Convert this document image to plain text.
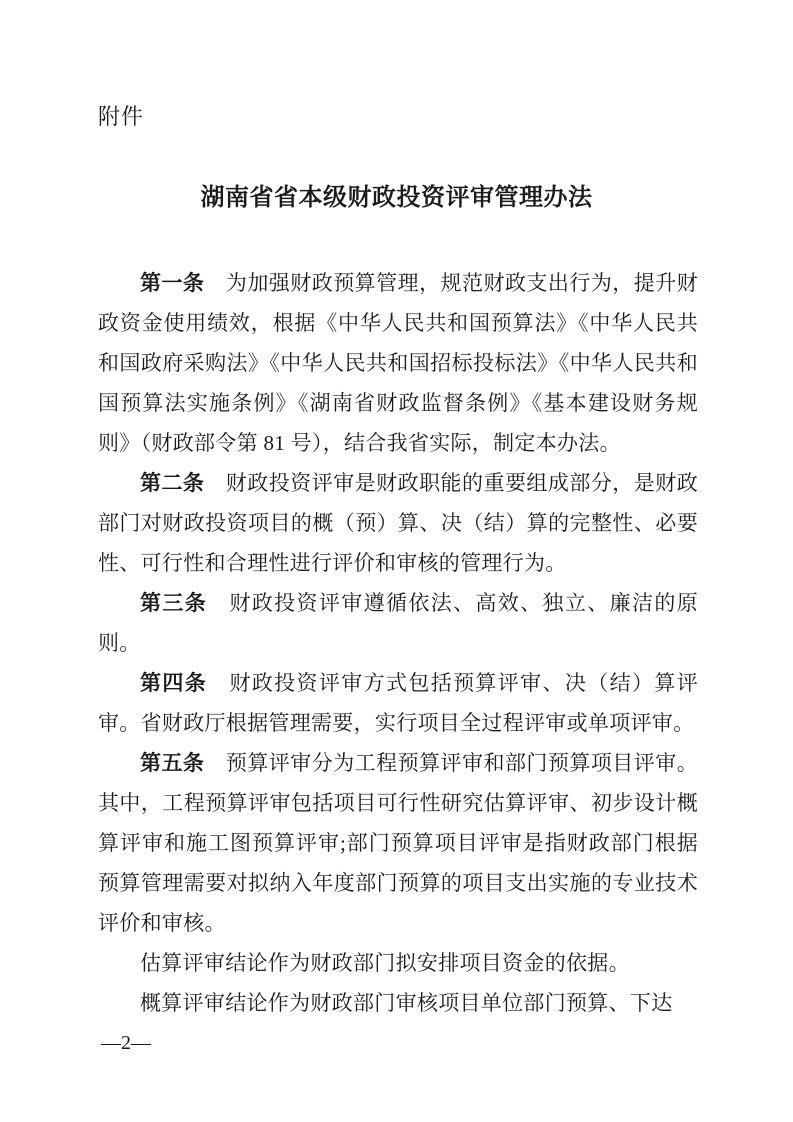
附件
湖南省省本级财政投资评审管理办法

第一条　为加强财政预算管理，规范财政支出行为，提升财政资金使用绩效，根据《中华人民共和国预算法》《中华人民共和国政府采购法》《中华人民共和国招标投标法》《中华人民共和国预算法实施条例》《湖南省财政监督条例》《基本建设财务规则》（财政部令第 81 号），结合我省实际，制定本办法。

第二条　财政投资评审是财政职能的重要组成部分，是财政部门对财政投资项目的概（预）算、决（结）算的完整性、必要性、可行性和合理性进行评价和审核的管理行为。

第三条　财政投资评审遵循依法、高效、独立、廉洁的原则。

第四条　财政投资评审方式包括预算评审、决（结）算评审。省财政厅根据管理需要，实行项目全过程评审或单项评审。

第五条　预算评审分为工程预算评审和部门预算项目评审。其中，工程预算评审包括项目可行性研究估算评审、初步设计概算评审和施工图预算评审;部门预算项目评审是指财政部门根据预算管理需要对拟纳入年度部门预算的项目支出实施的专业技术评价和审核。

估算评审结论作为财政部门拟安排项目资金的依据。

概算评审结论作为财政部门审核项目单位部门预算、下达

—2—
